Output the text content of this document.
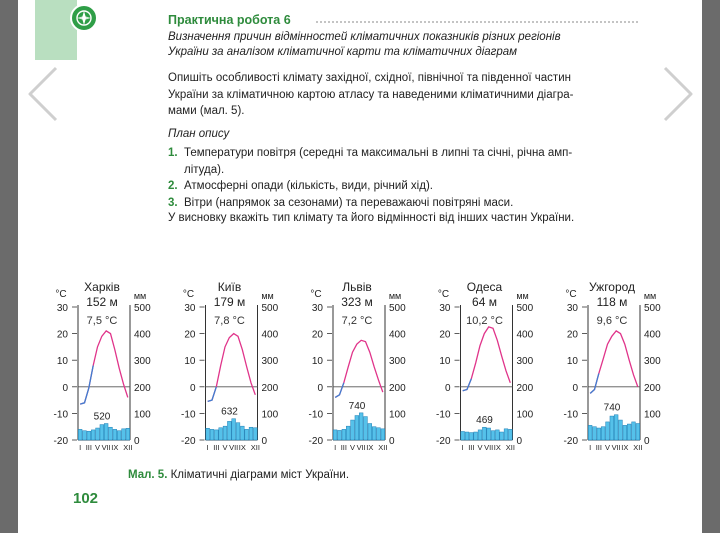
Практична робота 6
Визначення причин відмінностей кліматичних показників різних регіонів
України за аналізом кліматичної карти та кліматичних діаграм
Опишіть особливості клімату західної, східної, північної та південної частин
України за кліматичною картою атласу та наведеними кліматичними діагра-
мами (мал. 5).
План опису
1. Температури повітря (середні та максимальні в липні та січні, річна амп-
літуда).
2. Атмосферні опади (кількість, види, річний хід).
3. Вітри (напрямок за сезонами) та переважаючі повітряні маси.
У висновку вкажіть тип клімату та його відмінності від інших частин України.
Харків
152 м
7,5 °C
°C	мм
30
20
10
0
-10
-20
500
400
300
200
100
0
520
I III V VII IX XII
Київ
179 м
7,8 °C
°C	мм
30
20
10
0
-10
-20
500
400
300
200
100
0
632
I III V VII IX XII
Львів
323 м
7,2 °C
°C	мм
30
20
10
0
-10
-20
500
400
300
200
100
0
740
I III V VII IX XII
Одеса
64 м
10,2 °C
°C	мм
30
20
10
0
-10
-20
500
400
300
200
100
0
469
I III V VII IX XII
Ужгород
118 м
9,6 °C
°C	мм
30
20
10
0
-10
-20
500
400
300
200
100
0
740
I III V VII IX XII
Мал. 5. Кліматичні діаграми міст України.
102
